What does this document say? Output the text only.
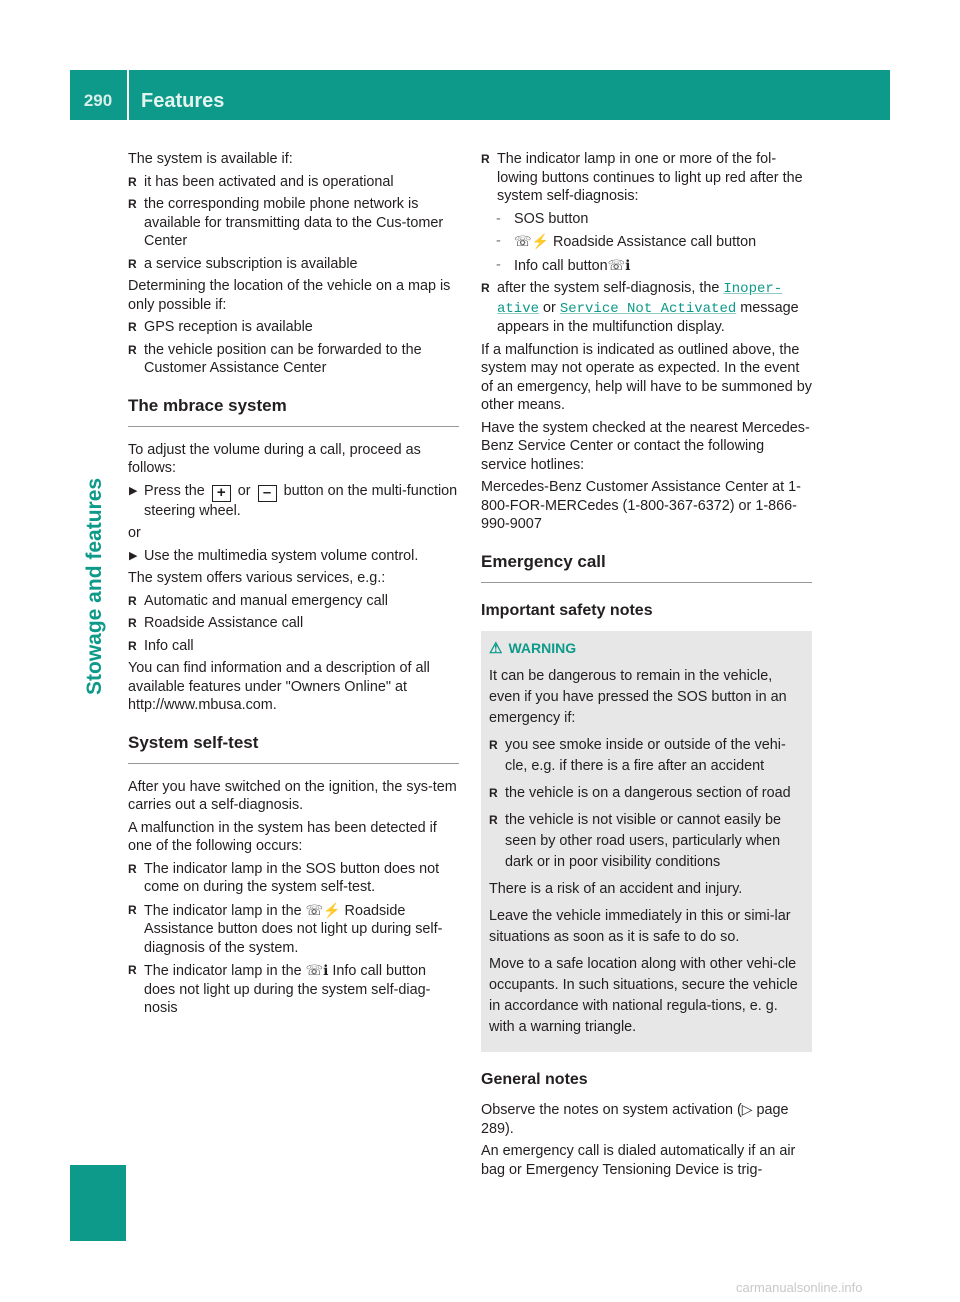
290	Features
Stowage and features

The system is available if:

R it has been activated and is operational
R the corresponding mobile phone network is available for transmitting data to the Cus-tomer Center
R a service subscription is available

Determining the location of the vehicle on a map is only possible if:

R GPS reception is available
R the vehicle position can be forwarded to the Customer Assistance Center
The mbrace system

To adjust the volume during a call, proceed as follows:

▶ Press the + or – button on the multi-function steering wheel.

or

▶ Use the multimedia system volume control.

The system offers various services, e.g.:

R Automatic and manual emergency call
R Roadside Assistance call
R Info call

You can find information and a description of all available features under "Owners Online" at http://www.mbusa.com.

System self-test

After you have switched on the ignition, the sys-tem carries out a self-diagnosis.

A malfunction in the system has been detected if one of the following occurs:

R The indicator lamp in the SOS button does not come on during the system self-test.
R The indicator lamp in the ☏⚡ Roadside Assistance button does not light up during self-diagnosis of the system.
R The indicator lamp in the ☏ℹ Info call button does not light up during the system self-diag-nosis
R The indicator lamp in one or more of the fol-lowing buttons continues to light up red after the system self-diagnosis:
- SOS button
- ☏⚡ Roadside Assistance call button
- Info call button☏ℹ
R after the system self-diagnosis, the Inoper-ative or Service Not Activated message appears in the multifunction display.

If a malfunction is indicated as outlined above, the system may not operate as expected. In the event of an emergency, help will have to be summoned by other means.

Have the system checked at the nearest Mercedes-Benz Service Center or contact the following service hotlines:

Mercedes-Benz Customer Assistance Center at 1-800-FOR-MERCedes (1-800-367-6372) or 1-866-990-9007

Emergency call
Important safety notes
⚠ WARNING

It can be dangerous to remain in the vehicle, even if you have pressed the SOS button in an emergency if:

R you see smoke inside or outside of the vehi-cle, e.g. if there is a fire after an accident
R the vehicle is on a dangerous section of road
R the vehicle is not visible or cannot easily be seen by other road users, particularly when dark or in poor visibility conditions

There is a risk of an accident and injury.

Leave the vehicle immediately in this or simi-lar situations as soon as it is safe to do so.

Move to a safe location along with other vehi-cle occupants. In such situations, secure the vehicle in accordance with national regula-tions, e. g. with a warning triangle.

General notes

Observe the notes on system activation (▷ page 289).

An emergency call is dialed automatically if an air bag or Emergency Tensioning Device is trig-

carmanualsonline.info
